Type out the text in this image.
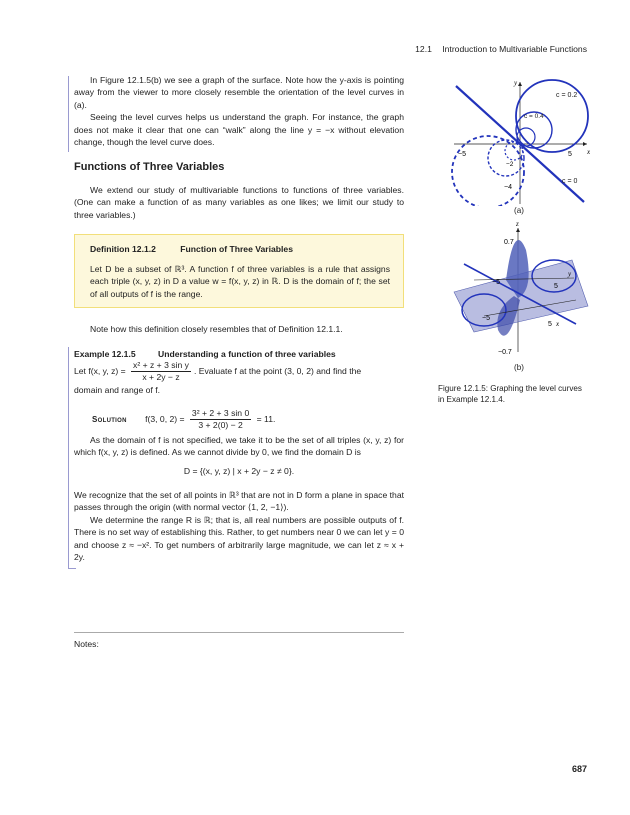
12.1 Introduction to Multivariable Functions

In Figure 12.1.5(b) we see a graph of the surface. Note how the y-axis is pointing away from the viewer to more closely resemble the orientation of the level curves in (a).

Seeing the level curves helps us understand the graph. For instance, the graph does not make it clear that one can “walk” along the line y = −x without elevation change, though the level curve does.

Functions of Three Variables

We extend our study of multivariable functions to functions of three variables. (One can make a function of as many variables as one likes; we limit our study to three variables.)

Definition 12.1.2	Function of Three Variables

Let D be a subset of ℝ³. A function f of three variables is a rule that assigns each triple (x, y, z) in D a value w = f(x, y, z) in ℝ. D is the domain of f; the set of all outputs of f is the range.

Note how this definition closely resembles that of Definition 12.1.1.

Example 12.1.5	Understanding a function of three variables
Let f(x, y, $z) = \frac{\text{x² + z + 3 sin y}}{x + 2y - z}$ . Evaluate f at the point (3, 0, 2) and find the
domain and range of f.
Solution f(3, 0, $2) = \frac{\text{3² + 2 + 3 sin 0}}{3 + 2(0) - 2} = 11$.

As the domain of f is not specified, we take it to be the set of all triples (x, y, z) for which f(x, y, z) is defined. As we cannot divide by 0, we find the domain D is

D = {(x, y, z) | x + 2y − z ≠ 0}.

We recognize that the set of all points in ℝ³ that are not in D form a plane in space that passes through the origin (with normal vector ⟨1, 2, −1⟩).

We determine the range R is ℝ; that is, all real numbers are possible outputs of f. There is no set way of establishing this. Rather, to get numbers near 0 we can let y = 0 and choose z ≈ −x². To get numbers of arbitrarily large magnitude, we can let z ≈ x + 2y.

Notes:
687
x
y
5
−5
−2
−4
c = 0.2
c = 0.4
c = 0
(a)
z
y
x
0.7
−0.7
5
−5
5
−5
(b)
Figure 12.1.5: Graphing the level curves in Example 12.1.4.
